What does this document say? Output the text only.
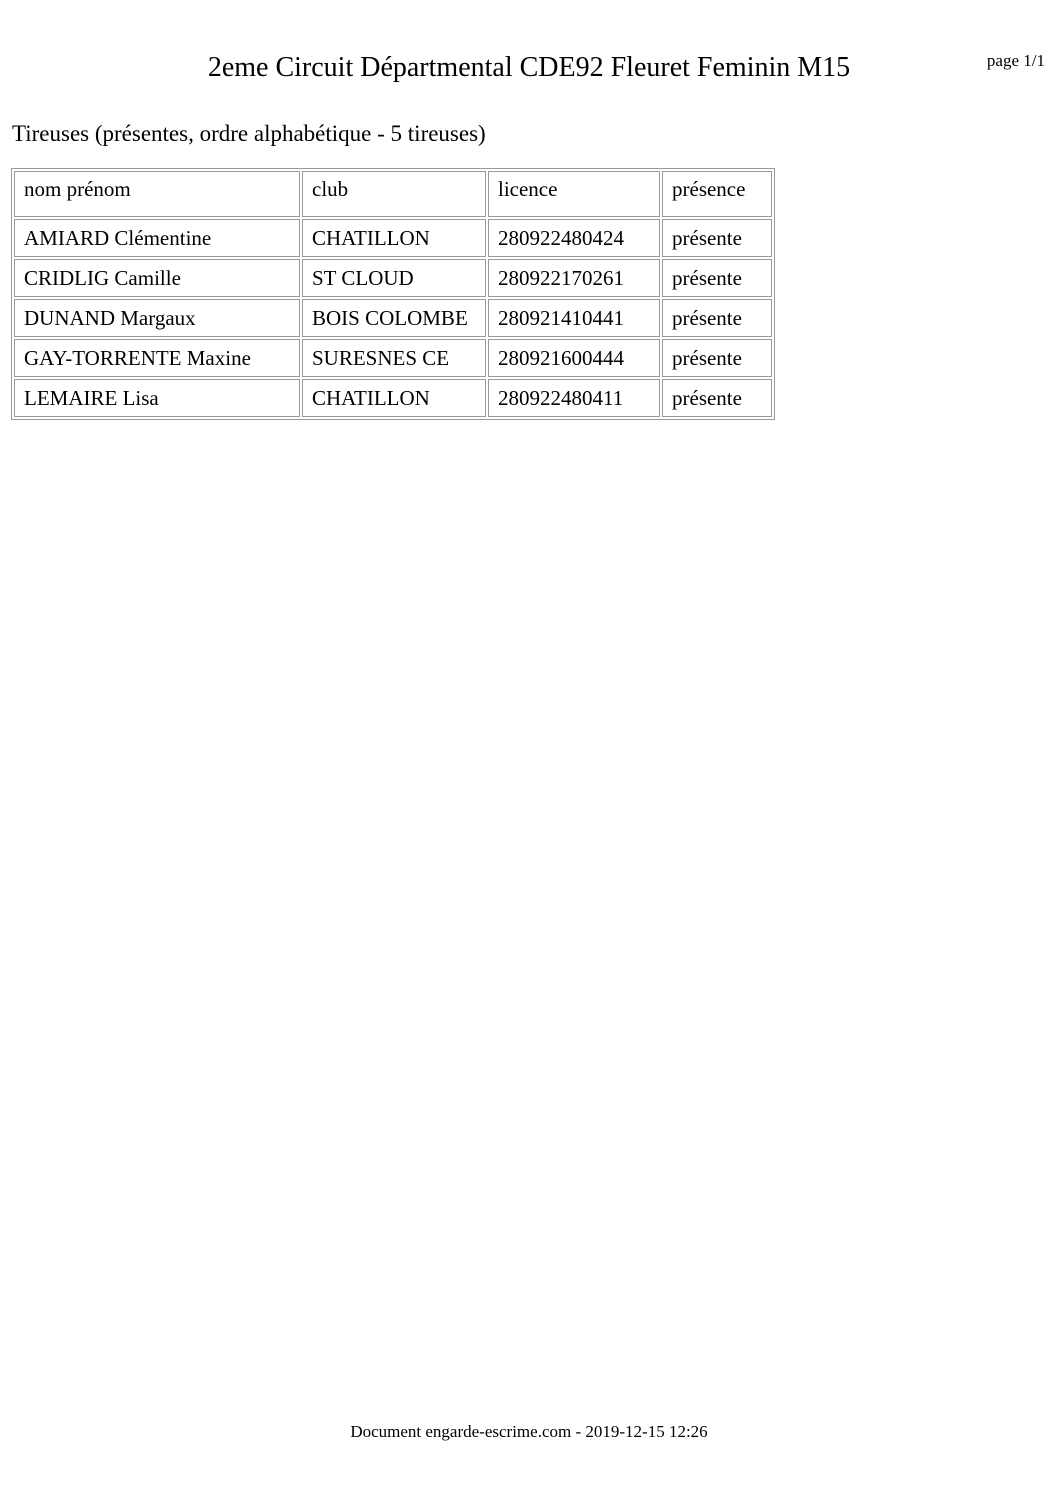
2eme Circuit Départmental CDE92 Fleuret Feminin M15	page 1/1
Tireuses (présentes, ordre alphabétique - 5 tireuses)
nom prénom	club	licence	présence
AMIARD Clémentine	CHATILLON	280922480424	présente
CRIDLIG Camille	ST CLOUD	280922170261	présente
DUNAND Margaux	BOIS COLOMBE	280921410441	présente
GAY-TORRENTE Maxine	SURESNES CE	280921600444	présente
LEMAIRE Lisa	CHATILLON	280922480411	présente
Document engarde-escrime.com - 2019-12-15 12:26
